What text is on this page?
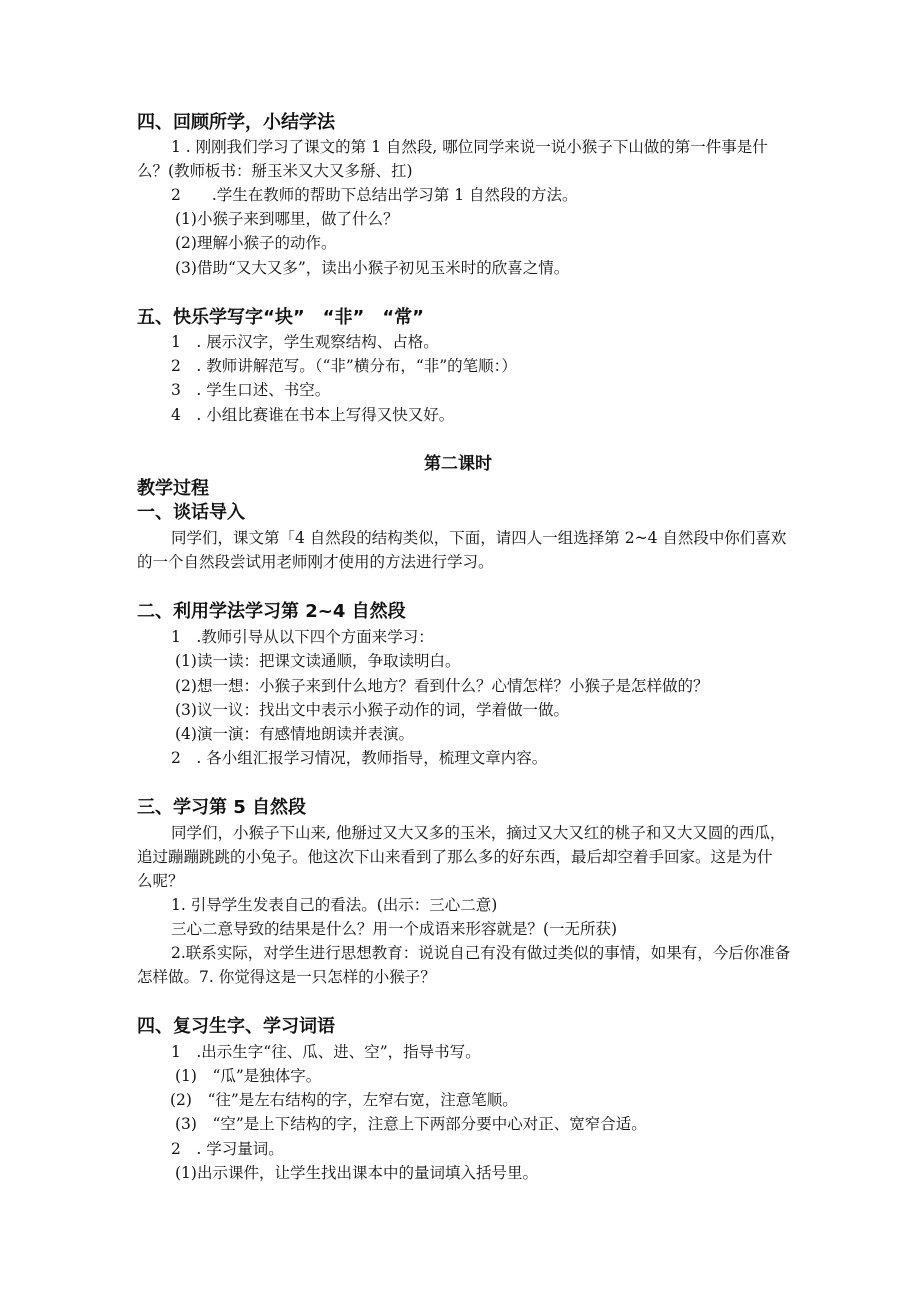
四、回顾所学，小结学法
1 . 刚刚我们学习了课文的第 1 自然段, 哪位同学来说一说小猴子下山做的第一件事是什
么？(教师板书：掰玉米又大又多掰、扛)
2　　.学生在教师的帮助下总结出学习第 1 自然段的方法。
(1)小猴子来到哪里，做了什么？
(2)理解小猴子的动作。
(3)借助“又大又多”，读出小猴子初见玉米时的欣喜之情。
五、快乐学写字“块”　“非”　“常”
1　. 展示汉字，学生观察结构、占格。
2　. 教师讲解范写。（“非”横分布，“非”的笔顺：）
3　. 学生口述、书空。
4　. 小组比赛谁在书本上写得又快又好。
第二课时
教学过程
一、谈话导入
同学们，课文第「4 自然段的结构类似，下面，请四人一组选择第 2~4 自然段中你们喜欢
的一个自然段尝试用老师刚才使用的方法进行学习。
二、利用学法学习第 2~4 自然段
1　.教师引导从以下四个方面来学习：
(1)读一读：把课文读通顺，争取读明白。
(2)想一想：小猴子来到什么地方？看到什么？心情怎样？小猴子是怎样做的？
(3)议一议：找出文中表示小猴子动作的词，学着做一做。
(4)演一演：有感情地朗读并表演。
2　. 各小组汇报学习情况，教师指导，梳理文章内容。
三、学习第 5 自然段
同学们，小猴子下山来, 他掰过又大又多的玉米，摘过又大又红的桃子和又大又圆的西瓜，
追过蹦蹦跳跳的小兔子。他这次下山来看到了那么多的好东西，最后却空着手回家。这是为什
么呢？
1. 引导学生发表自己的看法。(出示：三心二意)
三心二意导致的结果是什么？用一个成语来形容就是？(一无所获)
2.联系实际，对学生进行思想教育：说说自己有没有做过类似的事情，如果有，今后你准备
怎样做。7. 你觉得这是一只怎样的小猴子？
四、复习生字、学习词语
1　.出示生字“往、瓜、进、空”，指导书写。
(1)　“瓜”是独体字。
(2)　“往”是左右结构的字，左窄右宽，注意笔顺。
(3)　“空”是上下结构的字，注意上下两部分要中心对正、宽窄合适。
2　. 学习量词。
(1)出示课件，让学生找出课本中的量词填入括号里。
